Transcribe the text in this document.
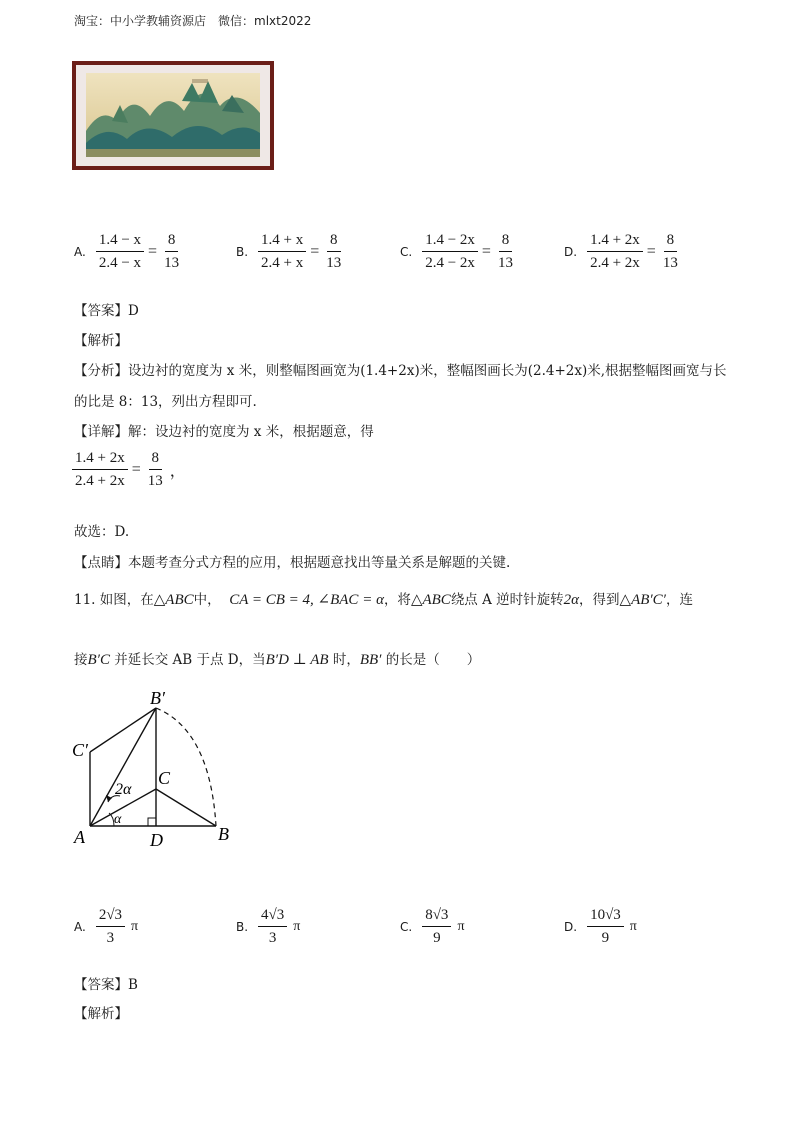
淘宝：中小学教辅资源店　微信：mlxt2022
A. $\frac{1.4 - x}{2.4 - x} = \frac{8}{13}$	B. $\frac{1.4 + x}{2.4 + x} = \frac{8}{13}$	C. $\frac{1.4 - 2x}{2.4 - 2x} = \frac{8}{13}$	D. $\frac{1.4 + 2x}{2.4 + 2x} = \frac{8}{13}$
【答案】D
【解析】
【分析】设边衬的宽度为 x 米，则整幅图画宽为(1.4+2x)米，整幅图画长为(2.4+2x)米,根据整幅图画宽与长
的比是 8：13，列出方程即可.
【详解】解：设边衬的宽度为 x 米，根据题意，得
$\frac{1.4 + 2x}{2.4 + 2x} = \frac{8}{13}$ ，
故选：D.
【点睛】本题考查分式方程的应用，根据题意找出等量关系是解题的关键.
11. 如图，在△ABC中， CA = CB = 4, ∠BAC = α，将△ABC绕点 A 逆时针旋转2α，得到△AB′C′，连
接B′C 并延长交 AB 于点 D，当B′D ⊥ AB 时，BB′ 的长是（　　）
B′
C′
C
A	D	B
2α
α
A. $\frac{2√3}{3}$ π	B. $\frac{4√3}{3}$ π	C. $\frac{8√3}{9}$ π	D. $\frac{10√3}{9}$ π
【答案】B
【解析】
